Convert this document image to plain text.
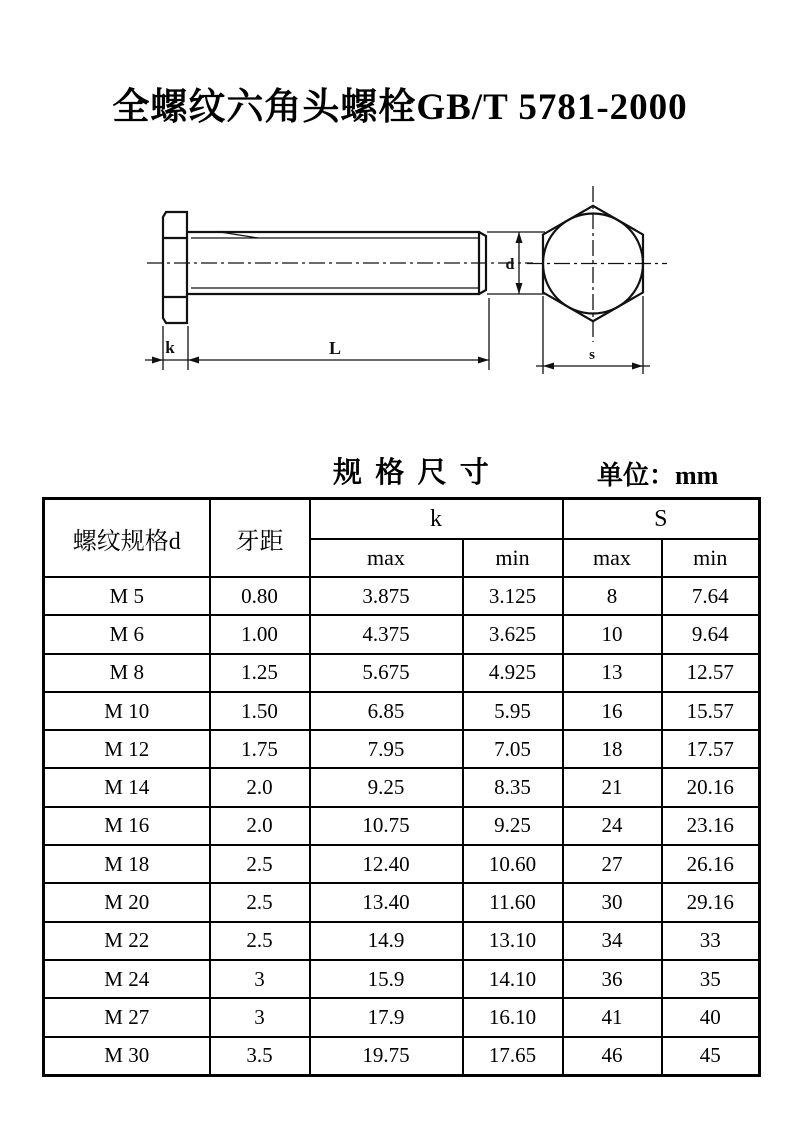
全螺纹六角头螺栓GB/T 5781-2000
k	L
d
s
规 格 尺 寸	单位：mm
螺纹规格d	牙距	k		S	
		max	min	max	min
M 5	0.80	3.875	3.125	8	7.64
M 6	1.00	4.375	3.625	10	9.64
M 8	1.25	5.675	4.925	13	12.57
M 10	1.50	6.85	5.95	16	15.57
M 12	1.75	7.95	7.05	18	17.57
M 14	2.0	9.25	8.35	21	20.16
M 16	2.0	10.75	9.25	24	23.16
M 18	2.5	12.40	10.60	27	26.16
M 20	2.5	13.40	11.60	30	29.16
M 22	2.5	14.9	13.10	34	33
M 24	3	15.9	14.10	36	35
M 27	3	17.9	16.10	41	40
M 30	3.5	19.75	17.65	46	45
